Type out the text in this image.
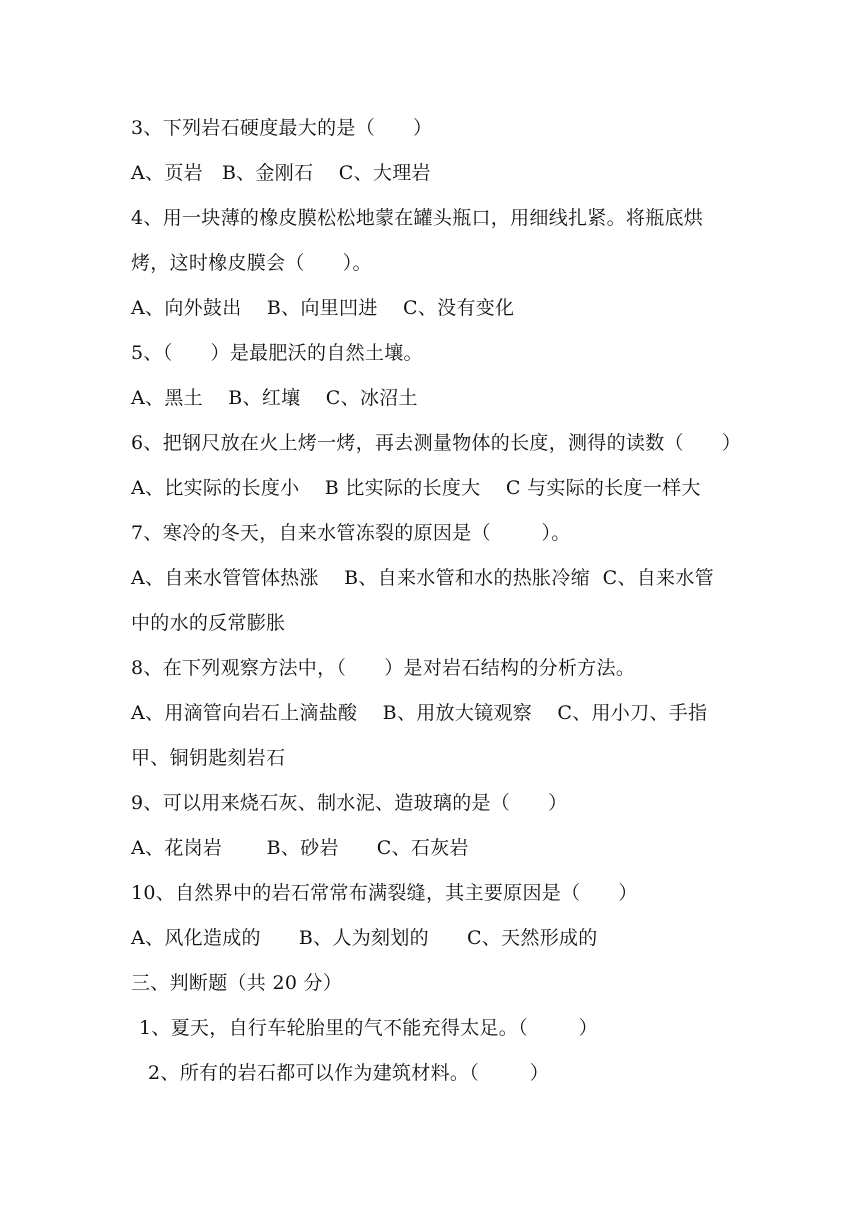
3、下列岩石硬度最大的是（      ）
A、页岩   B、金刚石    C、大理岩
4、用一块薄的橡皮膜松松地蒙在罐头瓶口，用细线扎紧。将瓶底烘
烤，这时橡皮膜会（      ）。
A、向外鼓出    B、向里凹进    C、没有变化
5、（      ）是最肥沃的自然土壤。
A、黑土    B、红壤    C、冰沼土
6、把钢尺放在火上烤一烤，再去测量物体的长度，测得的读数（      ）
A、比实际的长度小    B 比实际的长度大    C 与实际的长度一样大
7、寒冷的冬天，自来水管冻裂的原因是（        ）。
A、自来水管管体热涨    B、自来水管和水的热胀冷缩  C、自来水管
中的水的反常膨胀
8、在下列观察方法中，（      ）是对岩石结构的分析方法。
A、用滴管向岩石上滴盐酸    B、用放大镜观察    C、用小刀、手指
甲、铜钥匙刻岩石
9、可以用来烧石灰、制水泥、造玻璃的是（      ）
A、花岗岩       B、砂岩      C、石灰岩
10、自然界中的岩石常常布满裂缝，其主要原因是（      ）
A、风化造成的      B、人为刻划的      C、天然形成的
三、判断题（共 20 分）
1、夏天，自行车轮胎里的气不能充得太足。（        ）
2、所有的岩石都可以作为建筑材料。（        ）
